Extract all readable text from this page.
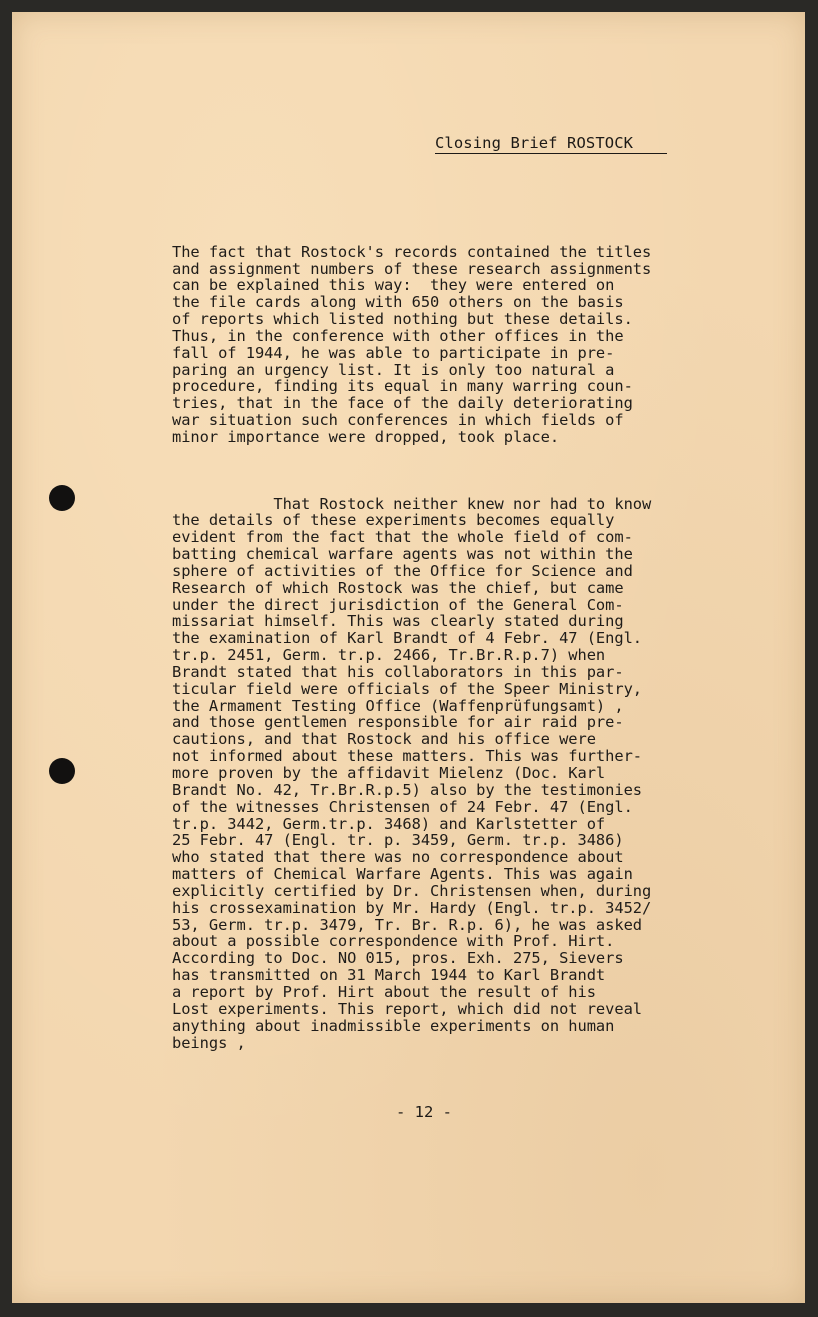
Closing Brief ROSTOCK

The fact that Rostock's records contained the titles
and assignment numbers of these research assignments
can be explained this way:  they were entered on
the file cards along with 650 others on the basis
of reports which listed nothing but these details.
Thus, in the conference with other offices in the
fall of 1944, he was able to participate in pre-
paring an urgency list. It is only too natural a
procedure, finding its equal in many warring coun-
tries, that in the face of the daily deteriorating
war situation such conferences in which fields of
minor importance were dropped, took place.

That Rostock neither knew nor had to know
the details of these experiments becomes equally
evident from the fact that the whole field of com-
batting chemical warfare agents was not within the
sphere of activities of the Office for Science and
Research of which Rostock was the chief, but came
under the direct jurisdiction of the General Com-
missariat himself. This was clearly stated during
the examination of Karl Brandt of 4 Febr. 47 (Engl.
tr.p. 2451, Germ. tr.p. 2466, Tr.Br.R.p.7) when
Brandt stated that his collaborators in this par-
ticular field were officials of the Speer Ministry,
the Armament Testing Office (Waffenprüfungsamt) ,
and those gentlemen responsible for air raid pre-
cautions, and that Rostock and his office were
not informed about these matters. This was further-
more proven by the affidavit Mielenz (Doc. Karl
Brandt No. 42, Tr.Br.R.p.5) also by the testimonies
of the witnesses Christensen of 24 Febr. 47 (Engl.
tr.p. 3442, Germ.tr.p. 3468) and Karlstetter of
25 Febr. 47 (Engl. tr. p. 3459, Germ. tr.p. 3486)
who stated that there was no correspondence about
matters of Chemical Warfare Agents. This was again
explicitly certified by Dr. Christensen when, during
his crossexamination by Mr. Hardy (Engl. tr.p. 3452/
53, Germ. tr.p. 3479, Tr. Br. R.p. 6), he was asked
about a possible correspondence with Prof. Hirt.
According to Doc. NO 015, pros. Exh. 275, Sievers
has transmitted on 31 March 1944 to Karl Brandt
a report by Prof. Hirt about the result of his
Lost experiments. This report, which did not reveal
anything about inadmissible experiments on human
beings ,

- 12 -
